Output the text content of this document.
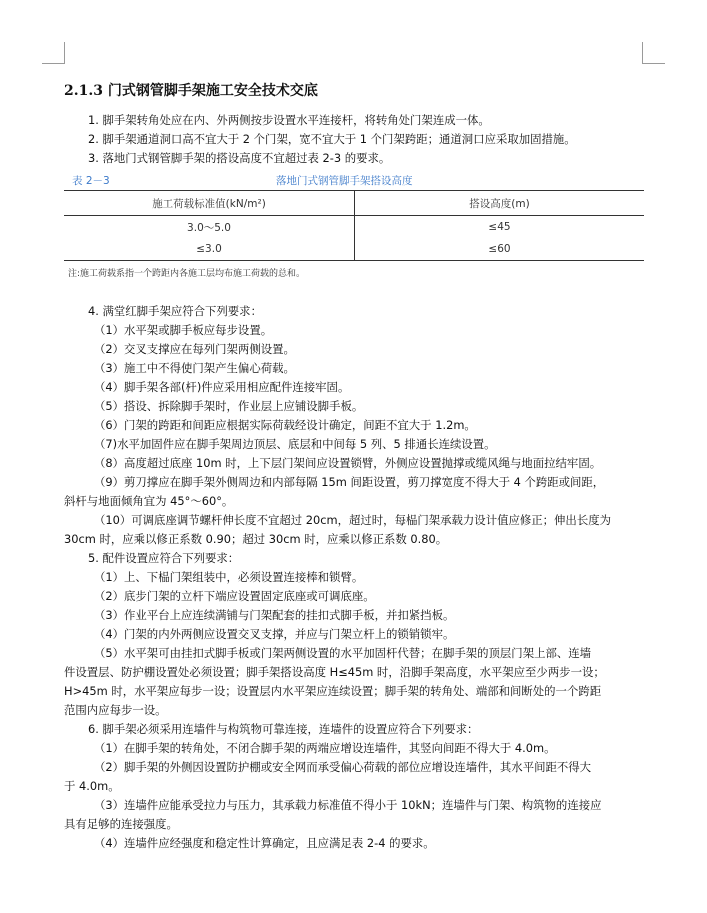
2.1.3 门式钢管脚手架施工安全技术交底
1. 脚手架转角处应在内、外两侧按步设置水平连接杆，将转角处门架连成一体。
2. 脚手架通道洞口高不宜大于 2 个门架，宽不宜大于 1 个门架跨距；通道洞口应采取加固措施。
3. 落地门式钢管脚手架的搭设高度不宜超过表 2-3 的要求。
表 2－3	落地门式钢管脚手架搭设高度
施工荷载标准值(kN/m²)	搭设高度(m)
3.0～5.0	≤45
≤3.0	≤60
注:施工荷载系指一个跨距内各施工层均布施工荷载的总和。
4. 满堂红脚手架应符合下列要求：
（1）水平架或脚手板应每步设置。
（2）交叉支撑应在每列门架两侧设置。
（3）施工中不得使门架产生偏心荷载。
（4）脚手架各部(杆)件应采用相应配件连接牢固。
（5）搭设、拆除脚手架时，作业层上应铺设脚手板。
（6）门架的跨距和间距应根据实际荷载经设计确定，间距不宜大于 1.2m。
（7)水平加固件应在脚手架周边顶层、底层和中间每 5 列、5 排通长连续设置。
（8）高度超过底座 10m 时，上下层门架间应设置锁臂，外侧应设置抛撑或缆风绳与地面拉结牢固。
（9）剪刀撑应在脚手架外侧周边和内部每隔 15m 间距设置，剪刀撑宽度不得大于 4 个跨距或间距，
斜杆与地面倾角宜为 45°～60°。
（10）可调底座调节螺杆伸长度不宜超过 20cm，超过时，每榀门架承载力设计值应修正；伸出长度为
30cm 时，应乘以修正系数 0.90；超过 30cm 时，应乘以修正系数 0.80。
5. 配件设置应符合下列要求：
（1）上、下榀门架组装中，必须设置连接棒和锁臂。
（2）底步门架的立杆下端应设置固定底座或可调底座。
（3）作业平台上应连续满铺与门架配套的挂扣式脚手板，并扣紧挡板。
（4）门架的内外两侧应设置交叉支撑，并应与门架立杆上的锁销锁牢。
（5）水平架可由挂扣式脚手板或门架两侧设置的水平加固杆代替；在脚手架的顶层门架上部、连墙
件设置层、防护棚设置处必须设置；脚手架搭设高度 H≤45m 时，沿脚手架高度，水平架应至少两步一设；
H>45m 时，水平架应每步一设；设置层内水平架应连续设置；脚手架的转角处、端部和间断处的一个跨距
范围内应每步一设。
6. 脚手架必须采用连墙件与构筑物可靠连接，连墙件的设置应符合下列要求：
（1）在脚手架的转角处，不闭合脚手架的两端应增设连墙件，其竖向间距不得大于 4.0m。
（2）脚手架的外侧因设置防护棚或安全网而承受偏心荷载的部位应增设连墙件，其水平间距不得大
于 4.0m。
（3）连墙件应能承受拉力与压力，其承载力标准值不得小于 10kN；连墙件与门架、构筑物的连接应
具有足够的连接强度。
（4）连墙件应经强度和稳定性计算确定，且应满足表 2-4 的要求。
